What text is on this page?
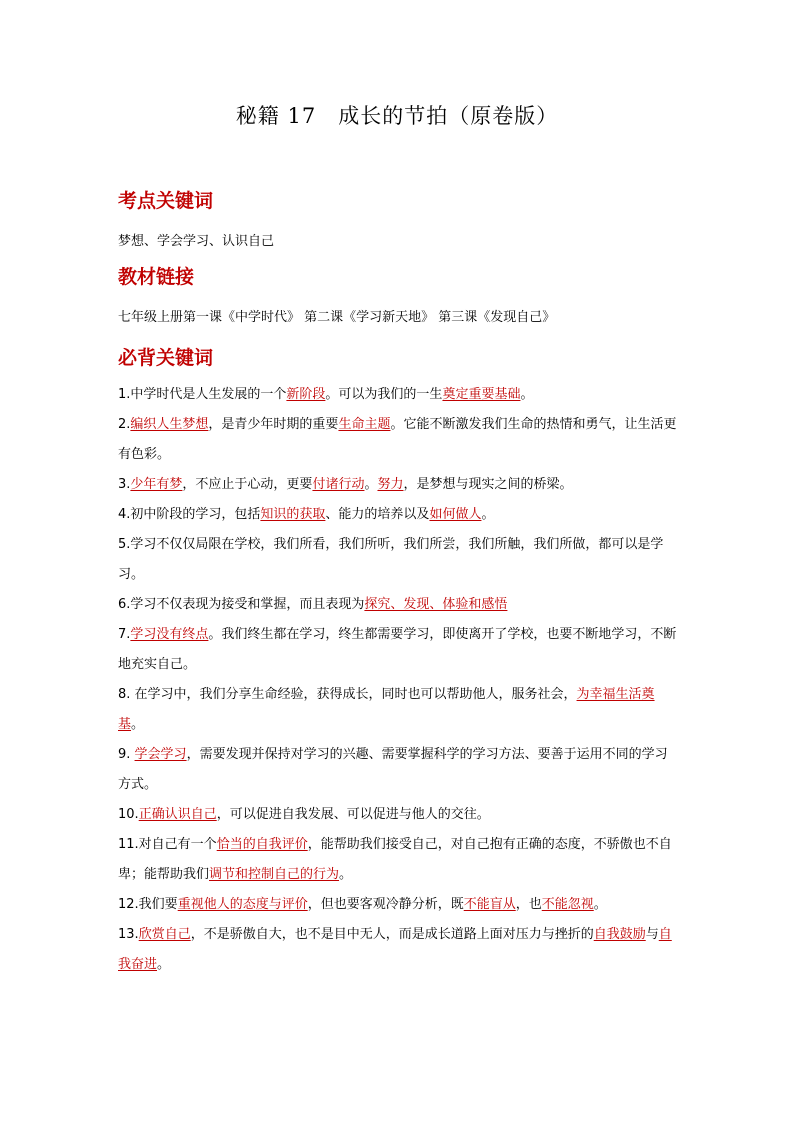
秘籍 17　成长的节拍（原卷版）
考点关键词
梦想、学会学习、认识自己
教材链接
七年级上册第一课《中学时代》 第二课《学习新天地》 第三课《发现自己》
必背关键词

1.中学时代是人生发展的一个新阶段。可以为我们的一生奠定重要基础。

2.编织人生梦想，是青少年时期的重要生命主题。它能不断激发我们生命的热情和勇气，让生活更有色彩。

3.少年有梦，不应止于心动，更要付诸行动。努力，是梦想与现实之间的桥梁。

4.初中阶段的学习，包括知识的获取、能力的培养以及如何做人。

5.学习不仅仅局限在学校，我们所看，我们所听，我们所尝，我们所触，我们所做，都可以是学习。

6.学习不仅表现为接受和掌握，而且表现为探究、发现、体验和感悟

7.学习没有终点。我们终生都在学习，终生都需要学习，即使离开了学校，也要不断地学习，不断地充实自己。

8. 在学习中，我们分享生命经验，获得成长，同时也可以帮助他人，服务社会，为幸福生活奠基。

9. 学会学习，需要发现并保持对学习的兴趣、需要掌握科学的学习方法、要善于运用不同的学习方式。

10.正确认识自己，可以促进自我发展、可以促进与他人的交往。

11.对自己有一个恰当的自我评价，能帮助我们接受自己，对自己抱有正确的态度，不骄傲也不自卑；能帮助我们调节和控制自己的行为。

12.我们要重视他人的态度与评价，但也要客观冷静分析，既不能盲从，也不能忽视。

13.欣赏自己，不是骄傲自大，也不是目中无人，而是成长道路上面对压力与挫折的自我鼓励与自我奋进。
